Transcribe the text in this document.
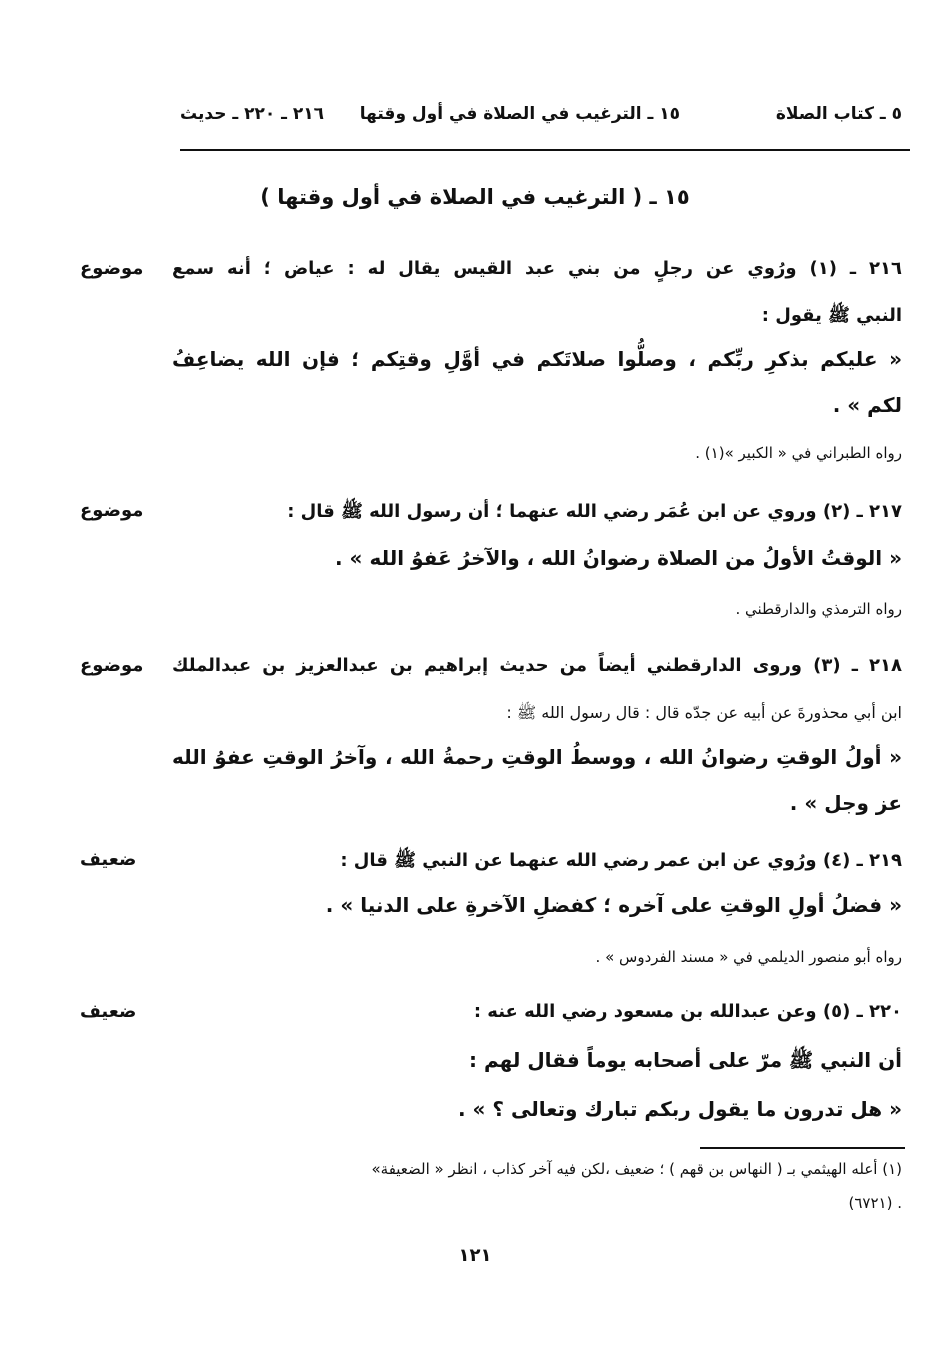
٥ ـ كتاب الصلاة
١٥ ـ الترغيب في الصلاة في أول وقتها
٢١٦ ـ ٢٢٠ ـ حديث
١٥ ـ ( الترغيب في الصلاة في أول وقتها )
٢١٦ ـ (١) ورُوي عن رجلٍ من بني عبد القيس يقال له : عياض ؛ أنه سمع
موضوع
النبي ﷺ يقول :
« عليكم بذكرِ ربِّكم ، وصلُّوا صلاتَكم في أوَّلِ وقتِكم ؛ فإن الله يضاعِفُ
لكم » .
رواه الطبراني في « الكبير »(١) .
٢١٧ ـ (٢) وروي عن ابن عُمَر رضي الله عنهما ؛ أن رسول الله ﷺ قال :
موضوع
« الوقتُ الأولُ من الصلاة رضوانُ الله ، والآخرُ عَفوُ الله » .
رواه الترمذي والدارقطني .
٢١٨ ـ (٣) وروى الدارقطني أيضاً من حديث إبراهيم بن عبدالعزيز بن عبدالملك
موضوع
ابن أبي محذورةَ عن أبيه عن جدّه قال : قال رسول الله ﷺ :
« أولُ الوقتِ رضوانُ الله ، ووسطُ الوقتِ رحمةُ الله ، وآخرُ الوقتِ عفوُ الله
عز وجل » .
٢١٩ ـ (٤) ورُوي عن ابن عمر رضي الله عنهما عن النبي ﷺ قال :
ضعيف
« فضلُ أولِ الوقتِ على آخره ؛ كفضلِ الآخرةِ على الدنيا » .
رواه أبو منصور الديلمي في « مسند الفردوس » .
٢٢٠ ـ (٥) وعن عبدالله بن مسعود رضي الله عنه :
ضعيف
أن النبي ﷺ مرّ على أصحابه يوماً فقال لهم :
« هل تدرون ما يقول ربكم تبارك وتعالى ؟ » .
(١) أعله الهيثمي بـ ( النهاس بن قهم ) ؛ ضعيف ،لكن فيه آخر كذاب ، انظر « الضعيفة»
(٦٧٢١) .
١٢١
